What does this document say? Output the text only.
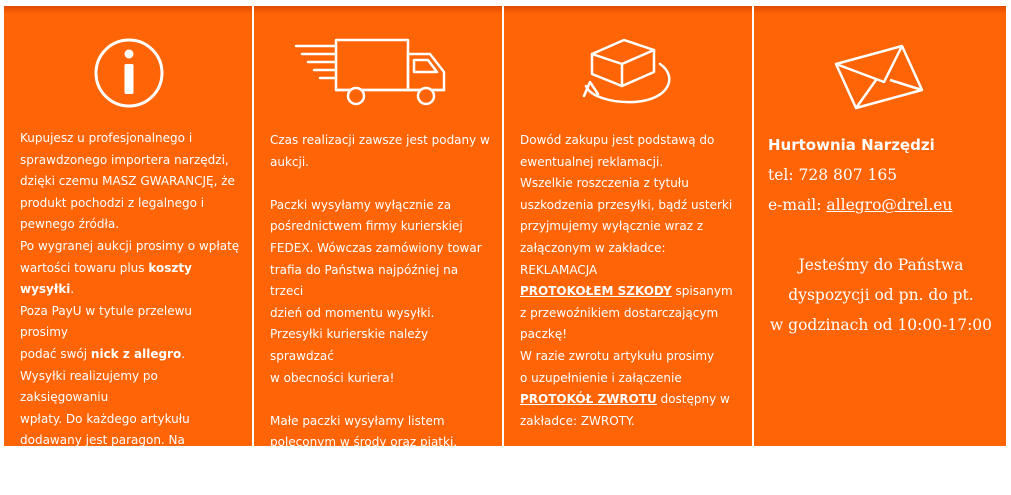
Kupujesz u profesjonalnego i

sprawdzonego importera narzędzi,

dzięki czemu MASZ GWARANCJĘ, że

produkt pochodzi z legalnego i

pewnego źródła.

Po wygranej aukcji prosimy o wpłatę

wartości towaru plus koszty

wysyłki.

Poza PayU w tytule przelewu prosimy

podać swój nick z allegro.

Wysyłki realizujemy po zaksięgowaniu

wpłaty. Do każdego artykułu

dodawany jest paragon. Na życzenie

wystawiamy fakturę VAT.

Czas realizacji zawsze jest podany w

aukcji.

Paczki wysyłamy wyłącznie za

pośrednictwem firmy kurierskiej

FEDEX. Wówczas zamówiony towar

trafia do Państwa najpóźniej na trzeci

dzień od momentu wysyłki.

Przesyłki kurierskie należy sprawdzać

w obecności kuriera!

Małe paczki wysyłamy listem

poleconym w środy oraz piątki.

Dowód zakupu jest podstawą do

ewentualnej reklamacji.

Wszelkie roszczenia z tytułu

uszkodzenia przesyłki, bądź usterki

przyjmujemy wyłącznie wraz z

załączonym w zakładce: REKLAMACJA

PROTOKOŁEM SZKODY spisanym

z przewoźnikiem dostarczającym

paczkę!

W razie zwrotu artykułu prosimy

o uzupełnienie i załączenie

PROTOKÓŁ ZWROTU dostępny w

zakładce: ZWROTY.

Hurtownia Narzędzi

tel: 728 807 165

e-mail: allegro@drel.eu

Jesteśmy do Państwa
dyspozycji od pn. do pt.
w godzinach od 10:00-17:00
